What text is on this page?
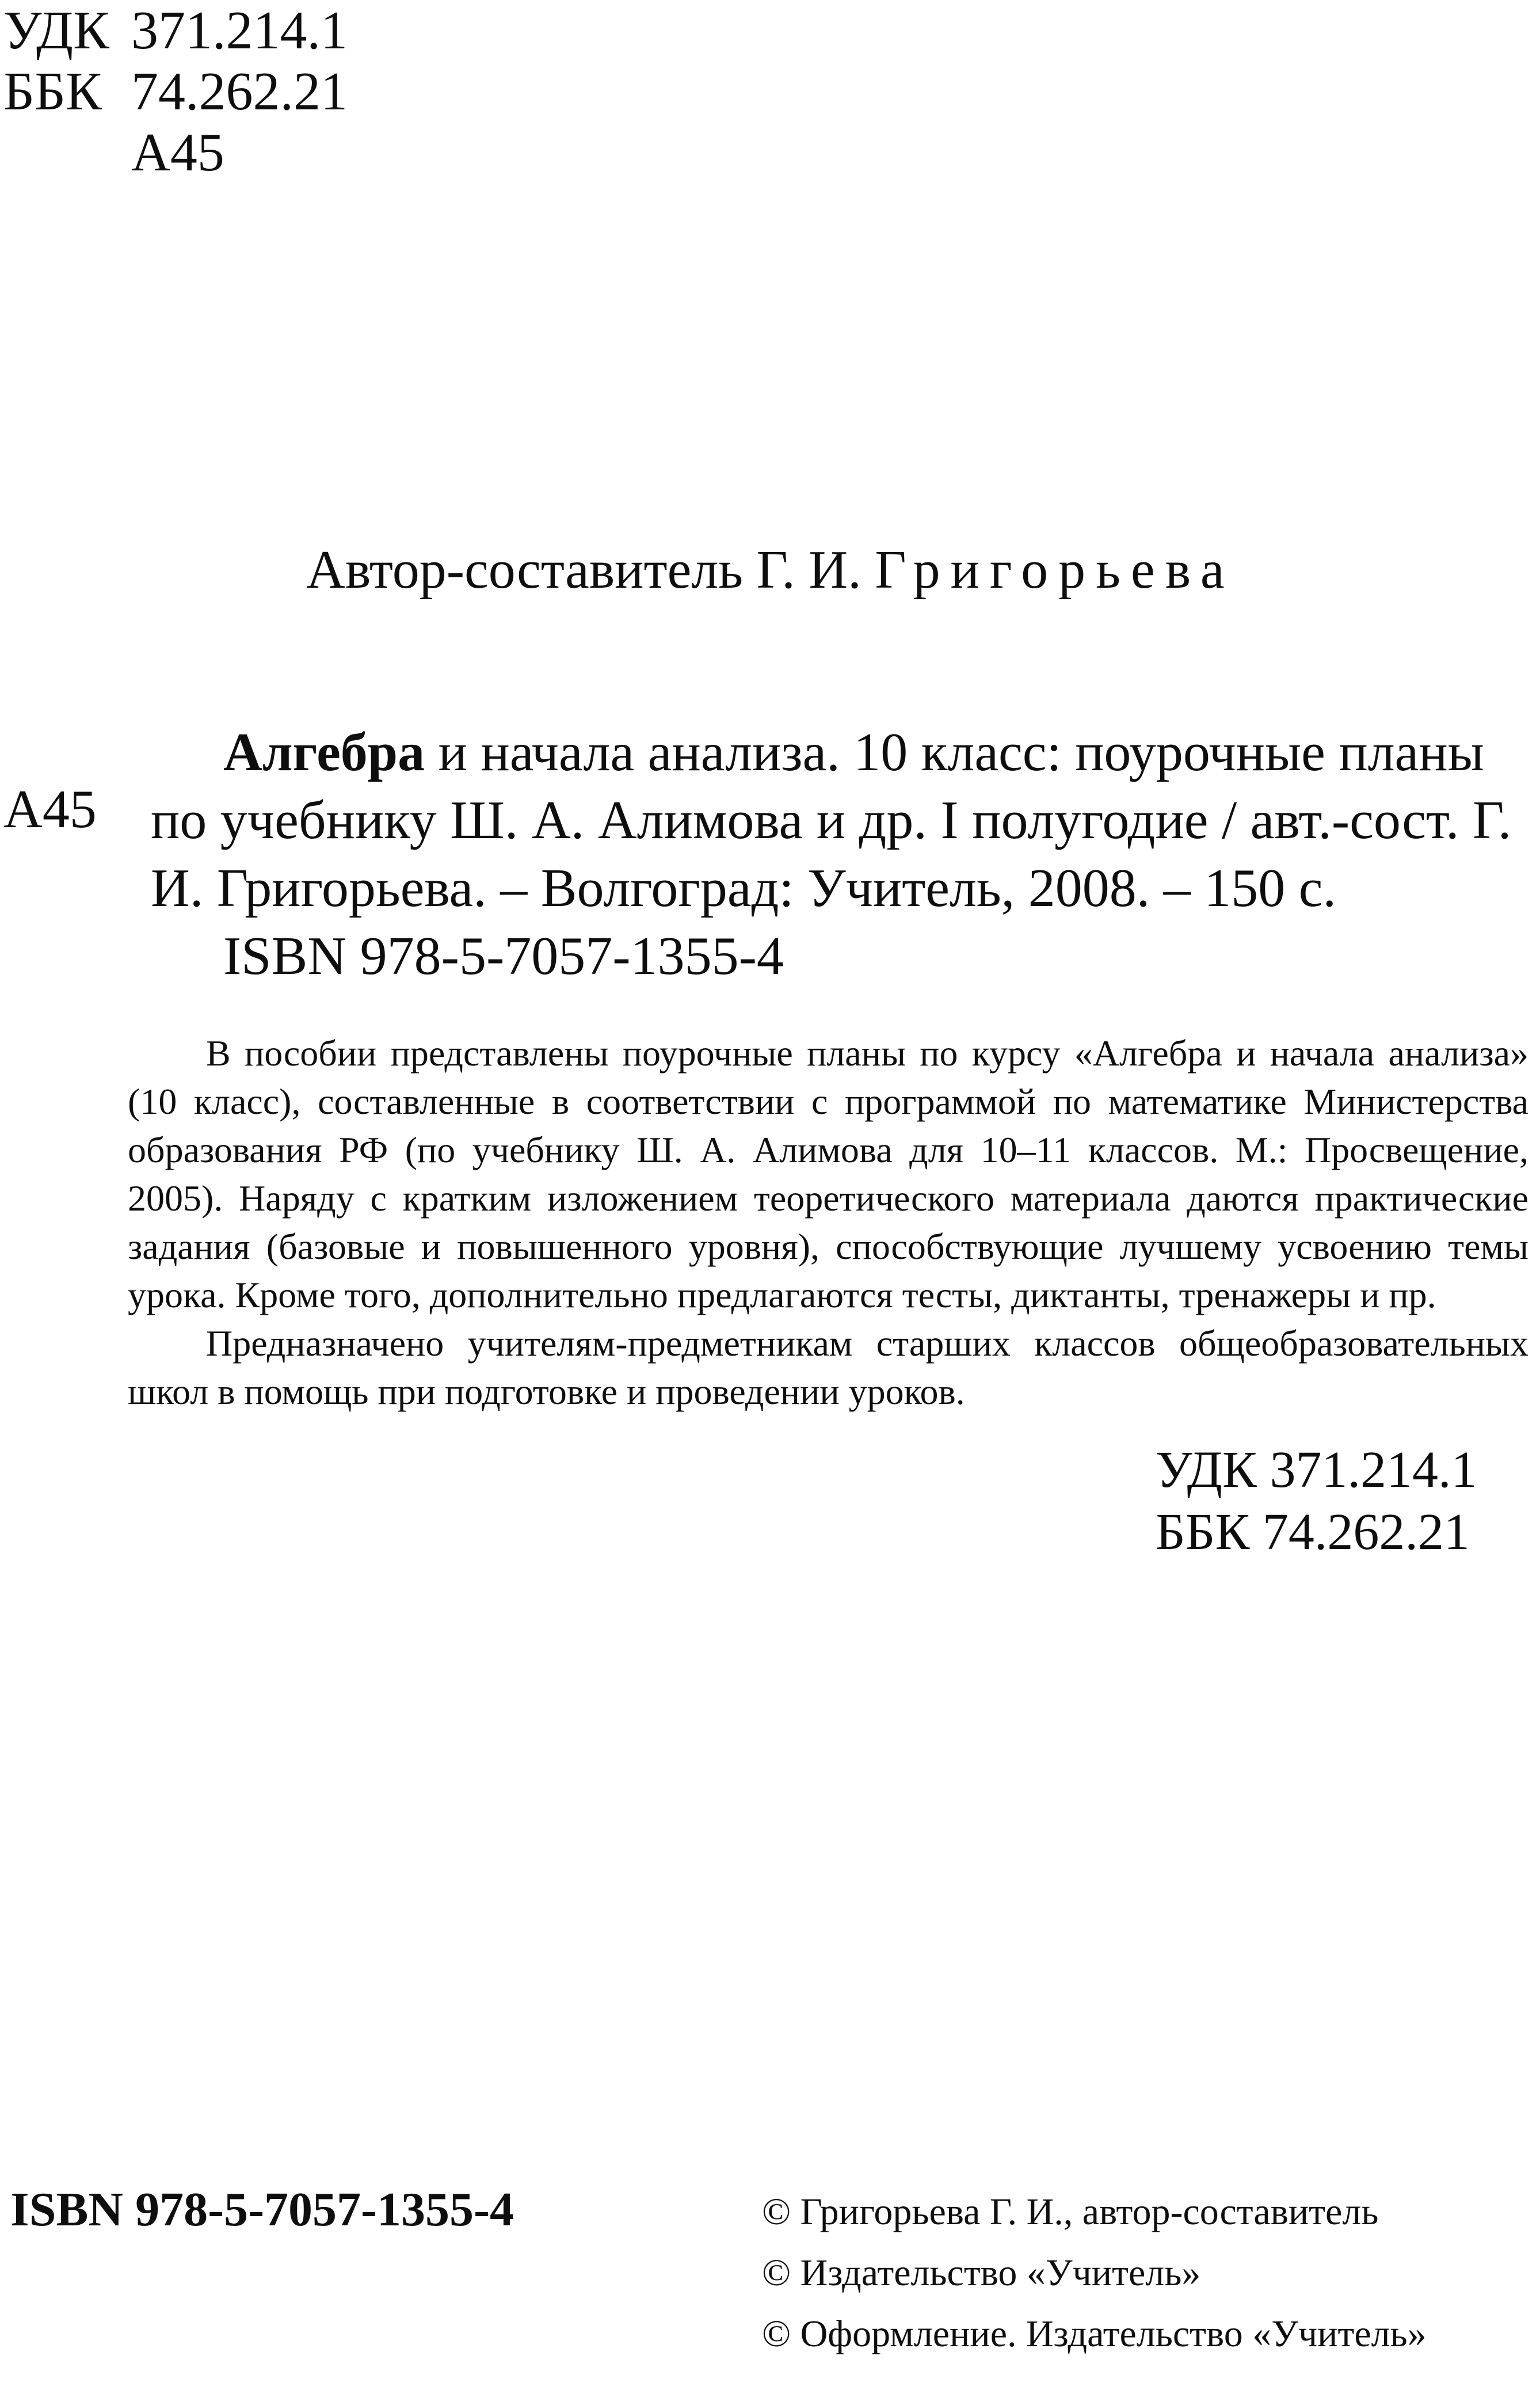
УДК 371.214.1
ББК 74.262.21
А45
Автор-составитель Г. И. Григорьева
А45

Алгебра и начала анализа. 10 класс: поурочные планы по учебнику Ш. А. Алимова и др. I полугодие / авт.-сост. Г. И. Григорьева. – Волгоград: Учитель, 2008. – 150 с.

ISBN 978-5-7057-1355-4

В пособии представлены поурочные планы по курсу «Алгебра и начала анализа» (10 класс), составленные в соответствии с программой по математике Министерства образования РФ (по учебнику Ш. А. Алимова для 10–11 классов. М.: Просвещение, 2005). Наряду с кратким изложением теоретического материала даются практические задания (базовые и повышенного уровня), способствующие лучшему усвоению темы урока. Кроме того, дополнительно предлагаются тесты, диктанты, тренажеры и пр.

Предназначено учителям-предметникам старших классов общеобразовательных школ в помощь при подготовке и проведении уроков.

УДК 371.214.1
ББК 74.262.21
ISBN 978-5-7057-1355-4	© Григорьева Г. И., автор-составитель
© Издательство «Учитель»
© Оформление. Издательство «Учитель»
